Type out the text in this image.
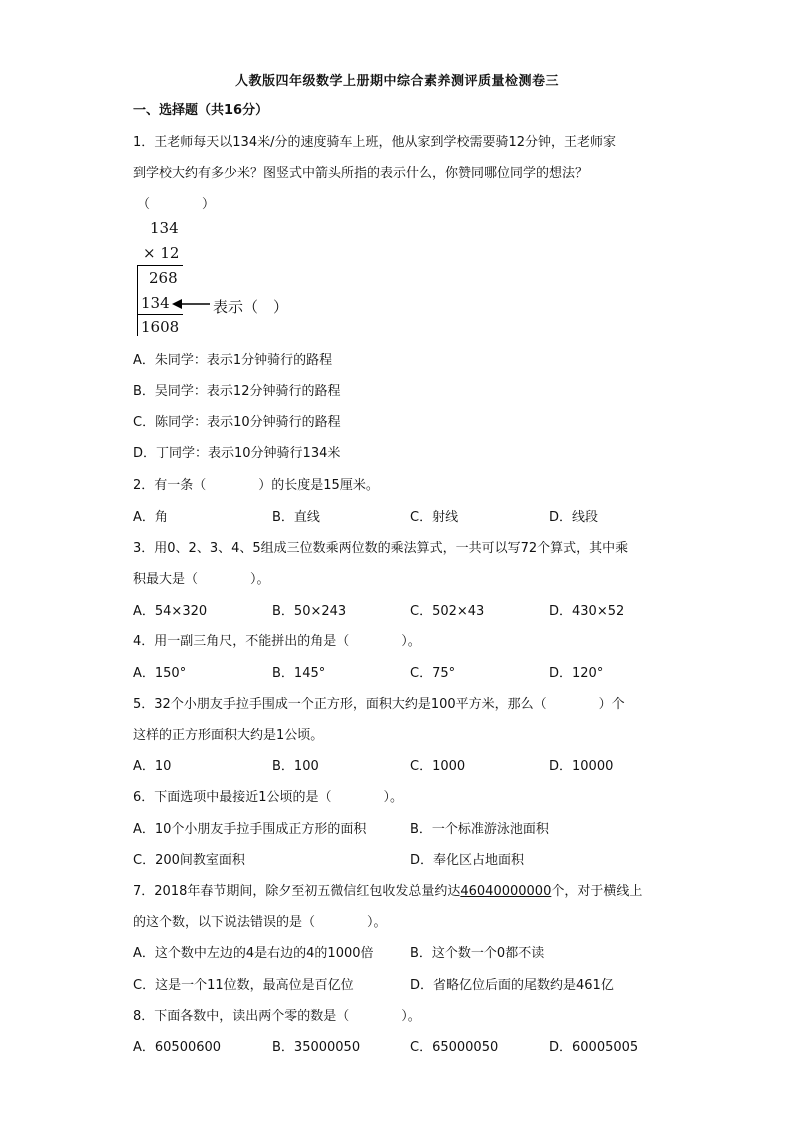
人教版四年级数学上册期中综合素养测评质量检测卷三
一、选择题（共16分）
1．王老师每天以134米/分的速度骑车上班，他从家到学校需要骑12分钟，王老师家
到学校大约有多少米？图竖式中箭头所指的表示什么，你赞同哪位同学的想法？
（　　　　）
134
× 12
268
134
1608
表示（　）
A．朱同学：表示1分钟骑行的路程
B．吴同学：表示12分钟骑行的路程
C．陈同学：表示10分钟骑行的路程
D．丁同学：表示10分钟骑行134米
2．有一条（　　　　）的长度是15厘米。
A．角	B．直线	C．射线	D．线段
3．用0、2、3、4、5组成三位数乘两位数的乘法算式，一共可以写72个算式，其中乘
积最大是（　　　　）。
A．54×320	B．50×243	C．502×43	D．430×52
4．用一副三角尺，不能拼出的角是（　　　　）。
A．150°	B．145°	C．75°	D．120°
5．32个小朋友手拉手围成一个正方形，面积大约是100平方米，那么（　　　　）个
这样的正方形面积大约是1公顷。
A．10	B．100	C．1000	D．10000
6．下面选项中最接近1公顷的是（　　　　）。
A．10个小朋友手拉手围成正方形的面积	B．一个标准游泳池面积
C．200间教室面积	D．奉化区占地面积
7．2018年春节期间，除夕至初五微信红包收发总量约达46040000000个，对于横线上
的这个数，以下说法错误的是（　　　　）。
A．这个数中左边的4是右边的4的1000倍	B．这个数一个0都不读
C．这是一个11位数，最高位是百亿位	D．省略亿位后面的尾数约是461亿
8．下面各数中，读出两个零的数是（　　　　）。
A．60500600	B．35000050	C．65000050	D．60005005
